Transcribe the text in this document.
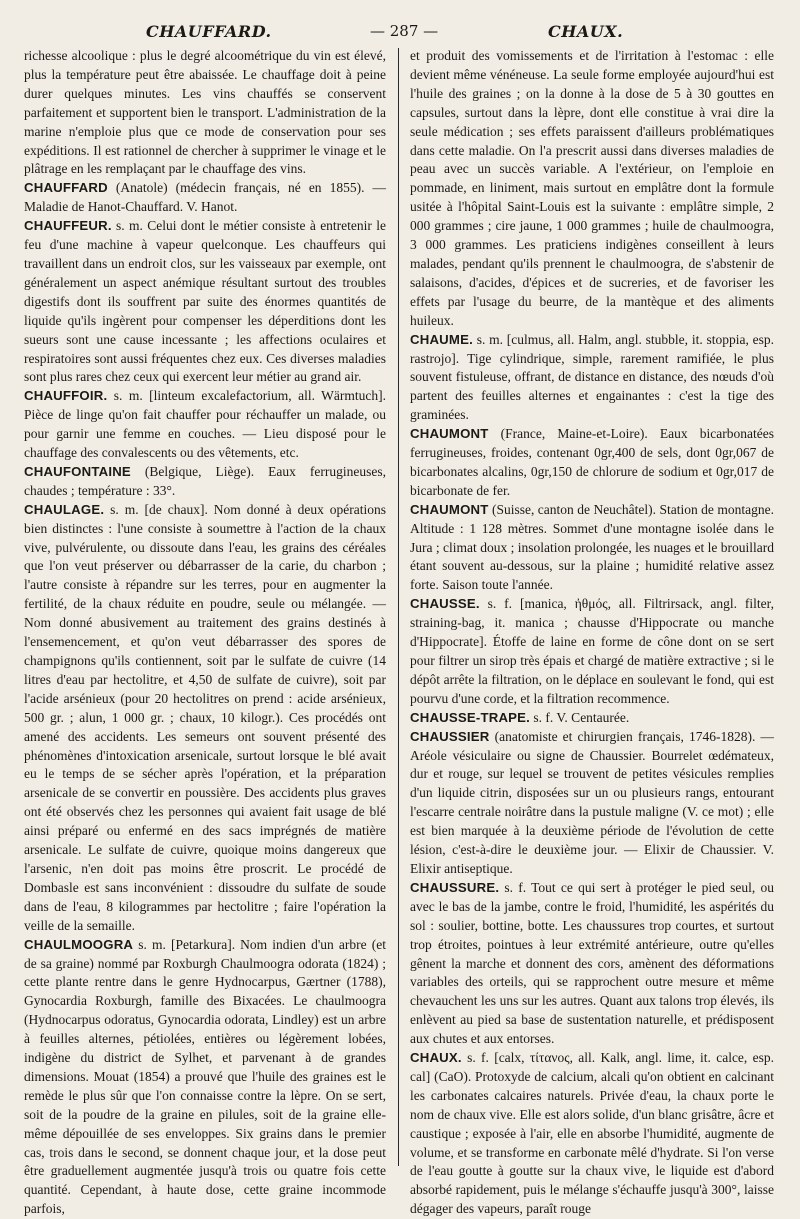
CHAUFFARD.	— 287 —	CHAUX.

richesse alcoolique : plus le degré alcoométrique du vin est élevé, plus la température peut être abaissée. Le chauffage doit à peine durer quelques minutes. Les vins chauffés se conservent parfaitement et supportent bien le transport. L'administration de la marine n'emploie plus que ce mode de conservation pour ses expéditions. Il est rationnel de chercher à supprimer le vinage et le plâtrage en les remplaçant par le chauffage des vins.

CHAUFFARD (Anatole) (médecin français, né en 1855). — Maladie de Hanot-Chauffard. V. Hanot.

CHAUFFEUR. s. m. Celui dont le métier consiste à entretenir le feu d'une machine à vapeur quelconque. Les chauffeurs qui travaillent dans un endroit clos, sur les vaisseaux par exemple, ont généralement un aspect anémique résultant surtout des troubles digestifs dont ils souffrent par suite des énormes quantités de liquide qu'ils ingèrent pour compenser les déperditions dont les sueurs sont une cause incessante ; les affections oculaires et respiratoires sont aussi fréquentes chez eux. Ces diverses maladies sont plus rares chez ceux qui exercent leur métier au grand air.

CHAUFFOIR. s. m. [linteum excalefactorium, all. Wärmtuch]. Pièce de linge qu'on fait chauffer pour réchauffer un malade, ou pour garnir une femme en couches. — Lieu disposé pour le chauffage des convalescents ou des vêtements, etc.

CHAUFONTAINE (Belgique, Liège). Eaux ferrugineuses, chaudes ; température : 33°.

CHAULAGE. s. m. [de chaux]. Nom donné à deux opérations bien distinctes : l'une consiste à soumettre à l'action de la chaux vive, pulvérulente, ou dissoute dans l'eau, les grains des céréales que l'on veut préserver ou débarrasser de la carie, du charbon ; l'autre consiste à répandre sur les terres, pour en augmenter la fertilité, de la chaux réduite en poudre, seule ou mélangée. — Nom donné abusivement au traitement des grains destinés à l'ensemencement, et qu'on veut débarrasser des spores de champignons qu'ils contiennent, soit par le sulfate de cuivre (14 litres d'eau par hectolitre, et 4,50 de sulfate de cuivre), soit par l'acide arsénieux (pour 20 hectolitres on prend : acide arsénieux, 500 gr. ; alun, 1 000 gr. ; chaux, 10 kilogr.). Ces procédés ont amené des accidents. Les semeurs ont souvent présenté des phénomènes d'intoxication arsenicale, surtout lorsque le blé avait eu le temps de se sécher après l'opération, et la préparation arsenicale de se convertir en poussière. Des accidents plus graves ont été observés chez les personnes qui avaient fait usage de blé ainsi préparé ou enfermé en des sacs imprégnés de matière arsenicale. Le sulfate de cuivre, quoique moins dangereux que l'arsenic, n'en doit pas moins être proscrit. Le procédé de Dombasle est sans inconvénient : dissoudre du sulfate de soude dans de l'eau, 8 kilogrammes par hectolitre ; faire l'opération la veille de la semaille.

CHAULMOOGRA s. m. [Petarkura]. Nom indien d'un arbre (et de sa graine) nommé par Roxburgh Chaulmoogra odorata (1824) ; cette plante rentre dans le genre Hydnocarpus, Gærtner (1788), Gynocardia Roxburgh, famille des Bixacées. Le chaulmoogra (Hydnocarpus odoratus, Gynocardia odorata, Lindley) est un arbre à feuilles alternes, pétiolées, entières ou légèrement lobées, indigène du district de Sylhet, et parvenant à de grandes dimensions. Mouat (1854) a prouvé que l'huile des graines est le remède le plus sûr que l'on connaisse contre la lèpre. On se sert, soit de la poudre de la graine en pilules, soit de la graine elle-même dépouillée de ses enveloppes. Six grains dans le premier cas, trois dans le second, se donnent chaque jour, et la dose peut être graduellement augmentée jusqu'à trois ou quatre fois cette quantité. Cependant, à haute dose, cette graine incommode parfois,

et produit des vomissements et de l'irritation à l'estomac : elle devient même vénéneuse. La seule forme employée aujourd'hui est l'huile des graines ; on la donne à la dose de 5 à 30 gouttes en capsules, surtout dans la lèpre, dont elle constitue à vrai dire la seule médication ; ses effets paraissent d'ailleurs problématiques dans cette maladie. On l'a prescrit aussi dans diverses maladies de peau avec un succès variable. A l'extérieur, on l'emploie en pommade, en liniment, mais surtout en emplâtre dont la formule usitée à l'hôpital Saint-Louis est la suivante : emplâtre simple, 2 000 grammes ; cire jaune, 1 000 grammes ; huile de chaulmoogra, 3 000 grammes. Les praticiens indigènes conseillent à leurs malades, pendant qu'ils prennent le chaulmoogra, de s'abstenir de salaisons, d'acides, d'épices et de sucreries, et de favoriser les effets par l'usage du beurre, de la mantèque et des aliments huileux.

CHAUME. s. m. [culmus, all. Halm, angl. stubble, it. stoppia, esp. rastrojo]. Tige cylindrique, simple, rarement ramifiée, le plus souvent fistuleuse, offrant, de distance en distance, des nœuds d'où partent des feuilles alternes et engainantes : c'est la tige des graminées.

CHAUMONT (France, Maine-et-Loire). Eaux bicarbonatées ferrugineuses, froides, contenant 0gr,400 de sels, dont 0gr,067 de bicarbonates alcalins, 0gr,150 de chlorure de sodium et 0gr,017 de bicarbonate de fer.

CHAUMONT (Suisse, canton de Neuchâtel). Station de montagne. Altitude : 1 128 mètres. Sommet d'une montagne isolée dans le Jura ; climat doux ; insolation prolongée, les nuages et le brouillard étant souvent au-dessous, sur la plaine ; humidité relative assez forte. Saison toute l'année.

CHAUSSE. s. f. [manica, ἠθμός, all. Filtrirsack, angl. filter, straining-bag, it. manica ; chausse d'Hippocrate ou manche d'Hippocrate]. Étoffe de laine en forme de cône dont on se sert pour filtrer un sirop très épais et chargé de matière extractive ; si le dépôt arrête la filtration, on le déplace en soulevant le fond, qui est pourvu d'une corde, et la filtration recommence.

CHAUSSE-TRAPE. s. f. V. Centaurée.

CHAUSSIER (anatomiste et chirurgien français, 1746-1828). — Aréole vésiculaire ou signe de Chaussier. Bourrelet œdémateux, dur et rouge, sur lequel se trouvent de petites vésicules remplies d'un liquide citrin, disposées sur un ou plusieurs rangs, entourant l'escarre centrale noirâtre dans la pustule maligne (V. ce mot) ; elle est bien marquée à la deuxième période de l'évolution de cette lésion, c'est-à-dire le deuxième jour. — Elixir de Chaussier. V. Elixir antiseptique.

CHAUSSURE. s. f. Tout ce qui sert à protéger le pied seul, ou avec le bas de la jambe, contre le froid, l'humidité, les aspérités du sol : soulier, bottine, botte. Les chaussures trop courtes, et surtout trop étroites, pointues à leur extrémité antérieure, outre qu'elles gênent la marche et donnent des cors, amènent des déformations variables des orteils, qui se rapprochent outre mesure et même chevauchent les uns sur les autres. Quant aux talons trop élevés, ils enlèvent au pied sa base de sustentation naturelle, et prédisposent aux chutes et aux entorses.

CHAUX. s. f. [calx, τίτανος, all. Kalk, angl. lime, it. calce, esp. cal] (CaO). Protoxyde de calcium, alcali qu'on obtient en calcinant les carbonates calcaires naturels. Privée d'eau, la chaux porte le nom de chaux vive. Elle est alors solide, d'un blanc grisâtre, âcre et caustique ; exposée à l'air, elle en absorbe l'humidité, augmente de volume, et se transforme en carbonate mêlé d'hydrate. Si l'on verse de l'eau goutte à goutte sur la chaux vive, le liquide est d'abord absorbé rapidement, puis le mélange s'échauffe jusqu'à 300°, laisse dégager des vapeurs, paraît rouge
